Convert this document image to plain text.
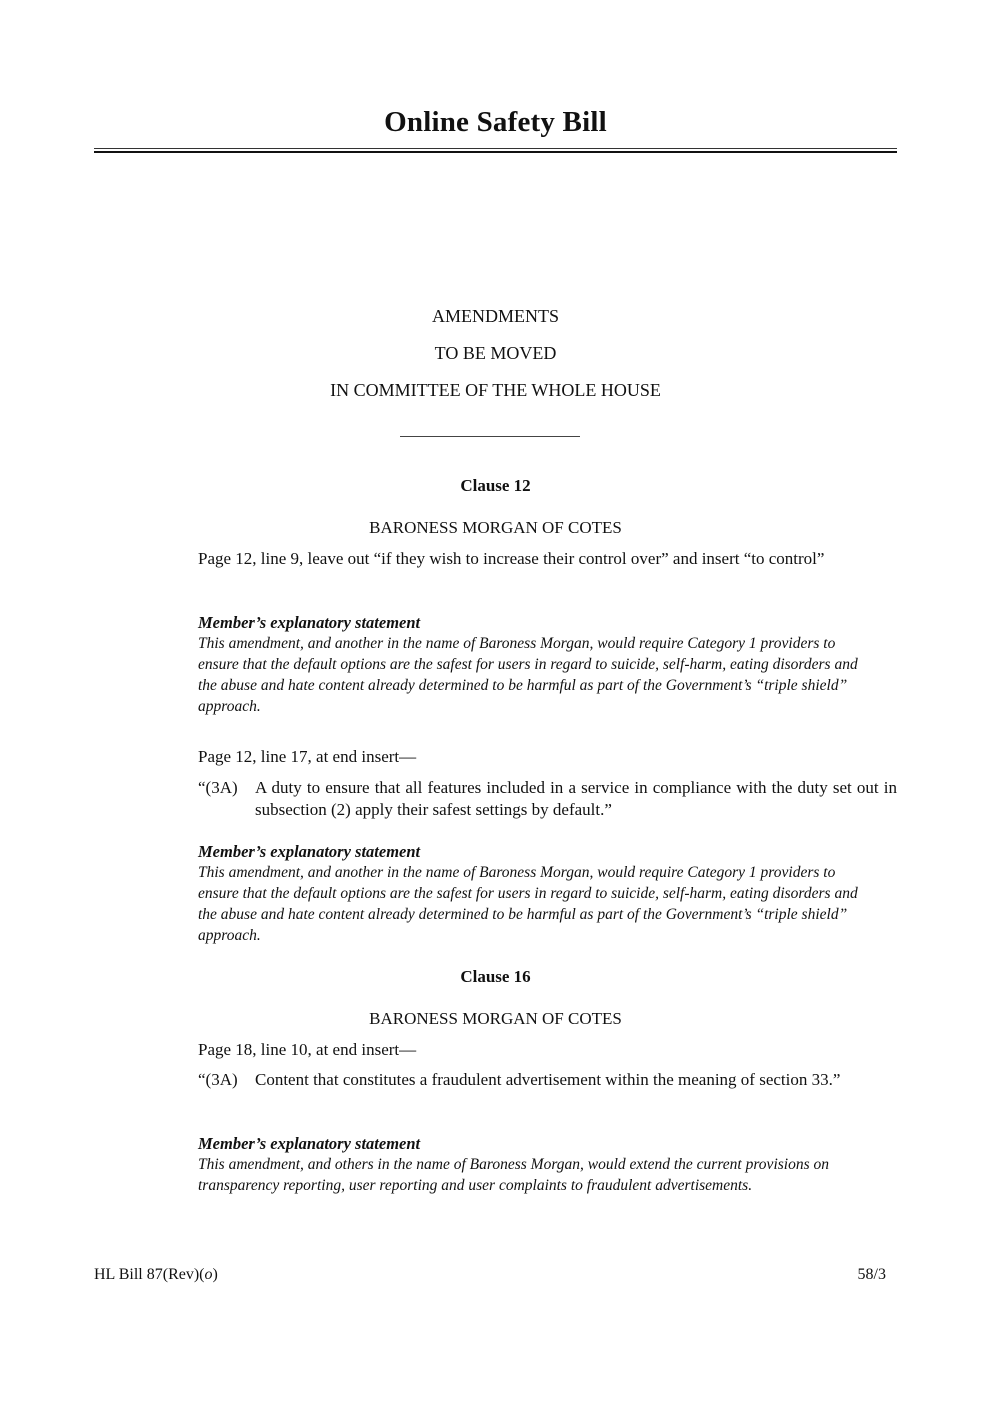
Online Safety Bill
AMENDMENTS
TO BE MOVED
IN COMMITTEE OF THE WHOLE HOUSE
Clause 12
BARONESS MORGAN OF COTES
Page 12, line 9, leave out “if they wish to increase their control over” and insert “to control”
Member’s explanatory statement
This amendment, and another in the name of Baroness Morgan, would require Category 1 providers to ensure that the default options are the safest for users in regard to suicide, self-harm, eating disorders and the abuse and hate content already determined to be harmful as part of the Government’s “triple shield” approach.
Page 12, line 17, at end insert—
“(3A) A duty to ensure that all features included in a service in compliance with the duty set out in subsection (2) apply their safest settings by default.”
Member’s explanatory statement
This amendment, and another in the name of Baroness Morgan, would require Category 1 providers to ensure that the default options are the safest for users in regard to suicide, self-harm, eating disorders and the abuse and hate content already determined to be harmful as part of the Government’s “triple shield” approach.
Clause 16
BARONESS MORGAN OF COTES
Page 18, line 10, at end insert—
“(3A) Content that constitutes a fraudulent advertisement within the meaning of section 33.”
Member’s explanatory statement
This amendment, and others in the name of Baroness Morgan, would extend the current provisions on transparency reporting, user reporting and user complaints to fraudulent advertisements.
HL Bill 87(Rev)(o)	58/3
